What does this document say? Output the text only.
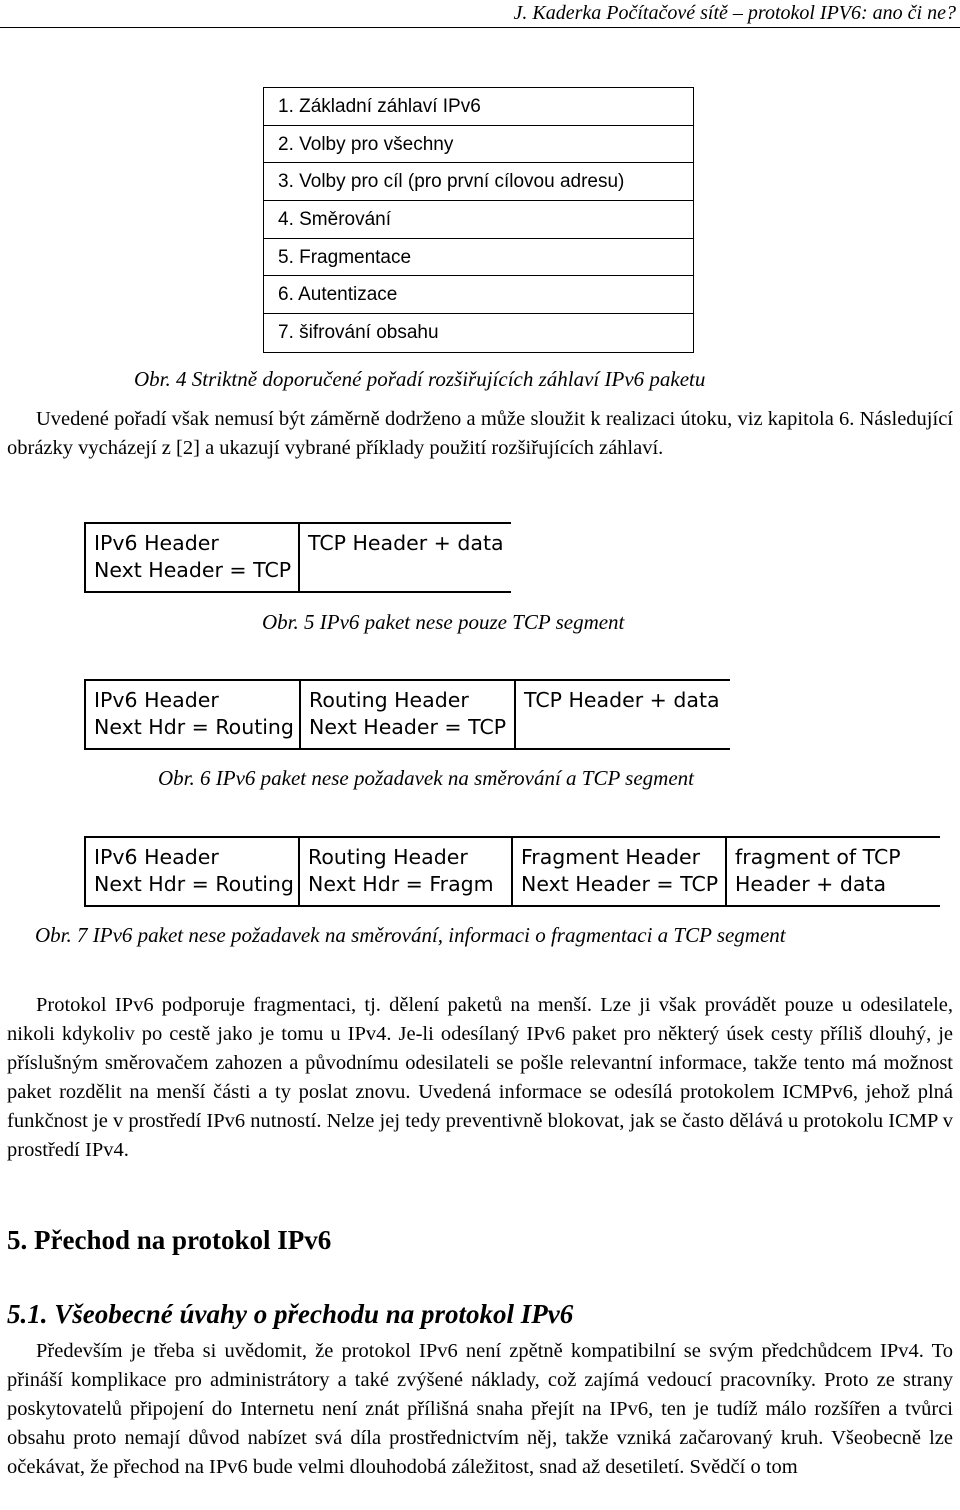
J. Kaderka Počítačové sítě – protokol IPV6: ano či ne?
1. Základní záhlaví IPv6
2. Volby pro všechny
3. Volby pro cíl (pro první cílovou adresu)
4. Směrování
5. Fragmentace
6. Autentizace
7. šifrování obsahu
Obr. 4 Striktně doporučené pořadí rozšiřujících záhlaví IPv6 paketu

Uvedené pořadí však nemusí být záměrně dodrženo a může sloužit k realizaci útoku, viz kapitola 6. Následující obrázky vycházejí z [2] a ukazují vybrané příklady použití rozšiřujících záhlaví.

IPv6 Header
Next Header = TCP
TCP Header + data
Obr. 5 IPv6 paket nese pouze TCP segment
IPv6 Header
Next Hdr = Routing
Routing Header
Next Header = TCP
TCP Header + data
Obr. 6 IPv6 paket nese požadavek na směrování a TCP segment
IPv6 Header
Next Hdr = Routing
Routing Header
Next Hdr = Fragm
Fragment Header
Next Header = TCP
fragment of TCP
Header + data
Obr. 7 IPv6 paket nese požadavek na směrování, informaci o fragmentaci a TCP segment

Protokol IPv6 podporuje fragmentaci, tj. dělení paketů na menší. Lze ji však provádět pouze u odesilatele, nikoli kdykoliv po cestě jako je tomu u IPv4. Je-li odesílaný IPv6 paket pro některý úsek cesty příliš dlouhý, je příslušným směrovačem zahozen a původnímu odesilateli se pošle relevantní informace, takže tento má možnost paket rozdělit na menší části a ty poslat znovu. Uvedená informace se odesílá protokolem ICMPv6, jehož plná funkčnost je v prostředí IPv6 nutností. Nelze jej tedy preventivně blokovat, jak se často dělává u protokolu ICMP v prostředí IPv4.

5. Přechod na protokol IPv6
5.1. Všeobecné úvahy o přechodu na protokol IPv6

Především je třeba si uvědomit, že protokol IPv6 není zpětně kompatibilní se svým předchůdcem IPv4. To přináší komplikace pro administrátory a také zvýšené náklady, což zajímá vedoucí pracovníky. Proto ze strany poskytovatelů připojení do Internetu není znát přílišná snaha přejít na IPv6, ten je tudíž málo rozšířen a tvůrci obsahu proto nemají důvod nabízet svá díla prostřednictvím něj, takže vzniká začarovaný kruh. Všeobecně lze očekávat, že přechod na IPv6 bude velmi dlouhodobá záležitost, snad až desetiletí. Svědčí o tom
